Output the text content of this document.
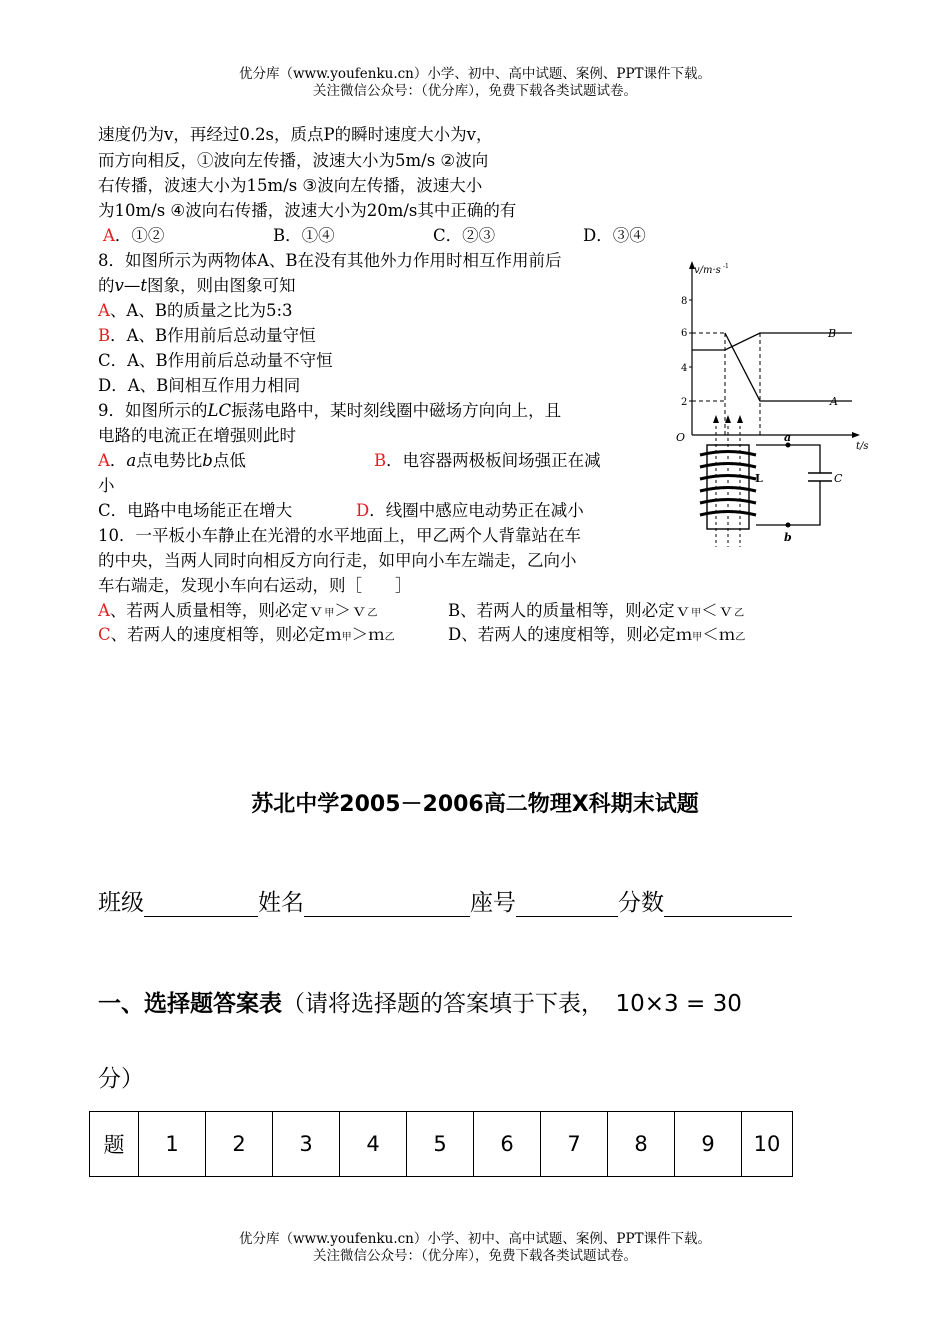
优分库（www.youfenku.cn）小学、初中、高中试题、案例、PPT课件下载。
关注微信公众号：（优分库），免费下载各类试题试卷。
速度仍为v，再经过0.2s，质点P的瞬时速度大小为v，
而方向相反，①波向左传播，波速大小为5m/s ②波向
右传播，波速大小为15m/s ③波向左传播，波速大小
为10m/s ④波向右传播，波速大小为20m/s其中正确的有
A．①②	B．①④	C．②③	D．③④
8．如图所示为两物体A、B在没有其他外力作用时相互作用前后
的v—t图象，则由图象可知
A、A、B的质量之比为5:3
B．A、B作用前后总动量守恒
C．A、B作用前后总动量不守恒
D．A、B间相互作用力相同
9．如图所示的LC振荡电路中，某时刻线圈中磁场方向向上，且
电路的电流正在增强则此时
A．a点电势比b点低	B．电容器两极板间场强正在减
小
C．电路中电场能正在增大	D．线圈中感应电动势正在减小
10．一平板小车静止在光滑的水平地面上，甲乙两个人背靠站在车
的中央，当两人同时向相反方向行走，如甲向小车左端走，乙向小
车右端走，发现小车向右运动，则［　　］
A、若两人质量相等，则必定ｖ甲＞ｖ乙	B、若两人的质量相等，则必定ｖ甲＜ｖ乙
C、若两人的速度相等，则必定ｍ甲＞ｍ乙	D、若两人的速度相等，则必定ｍ甲＜ｍ乙
v/m·s -1
8
6
4
2
O
t/s
B
A
a
b
L	C
苏北中学2005－2006高二物理X科期末试题
班级	姓名	座号	分数
一、选择题答案表（请将选择题的答案填于下表，　10×3 = 30
分）
题	1	2	3	4	5	6	7	8	9	10
优分库（www.youfenku.cn）小学、初中、高中试题、案例、PPT课件下载。
关注微信公众号：（优分库），免费下载各类试题试卷。
